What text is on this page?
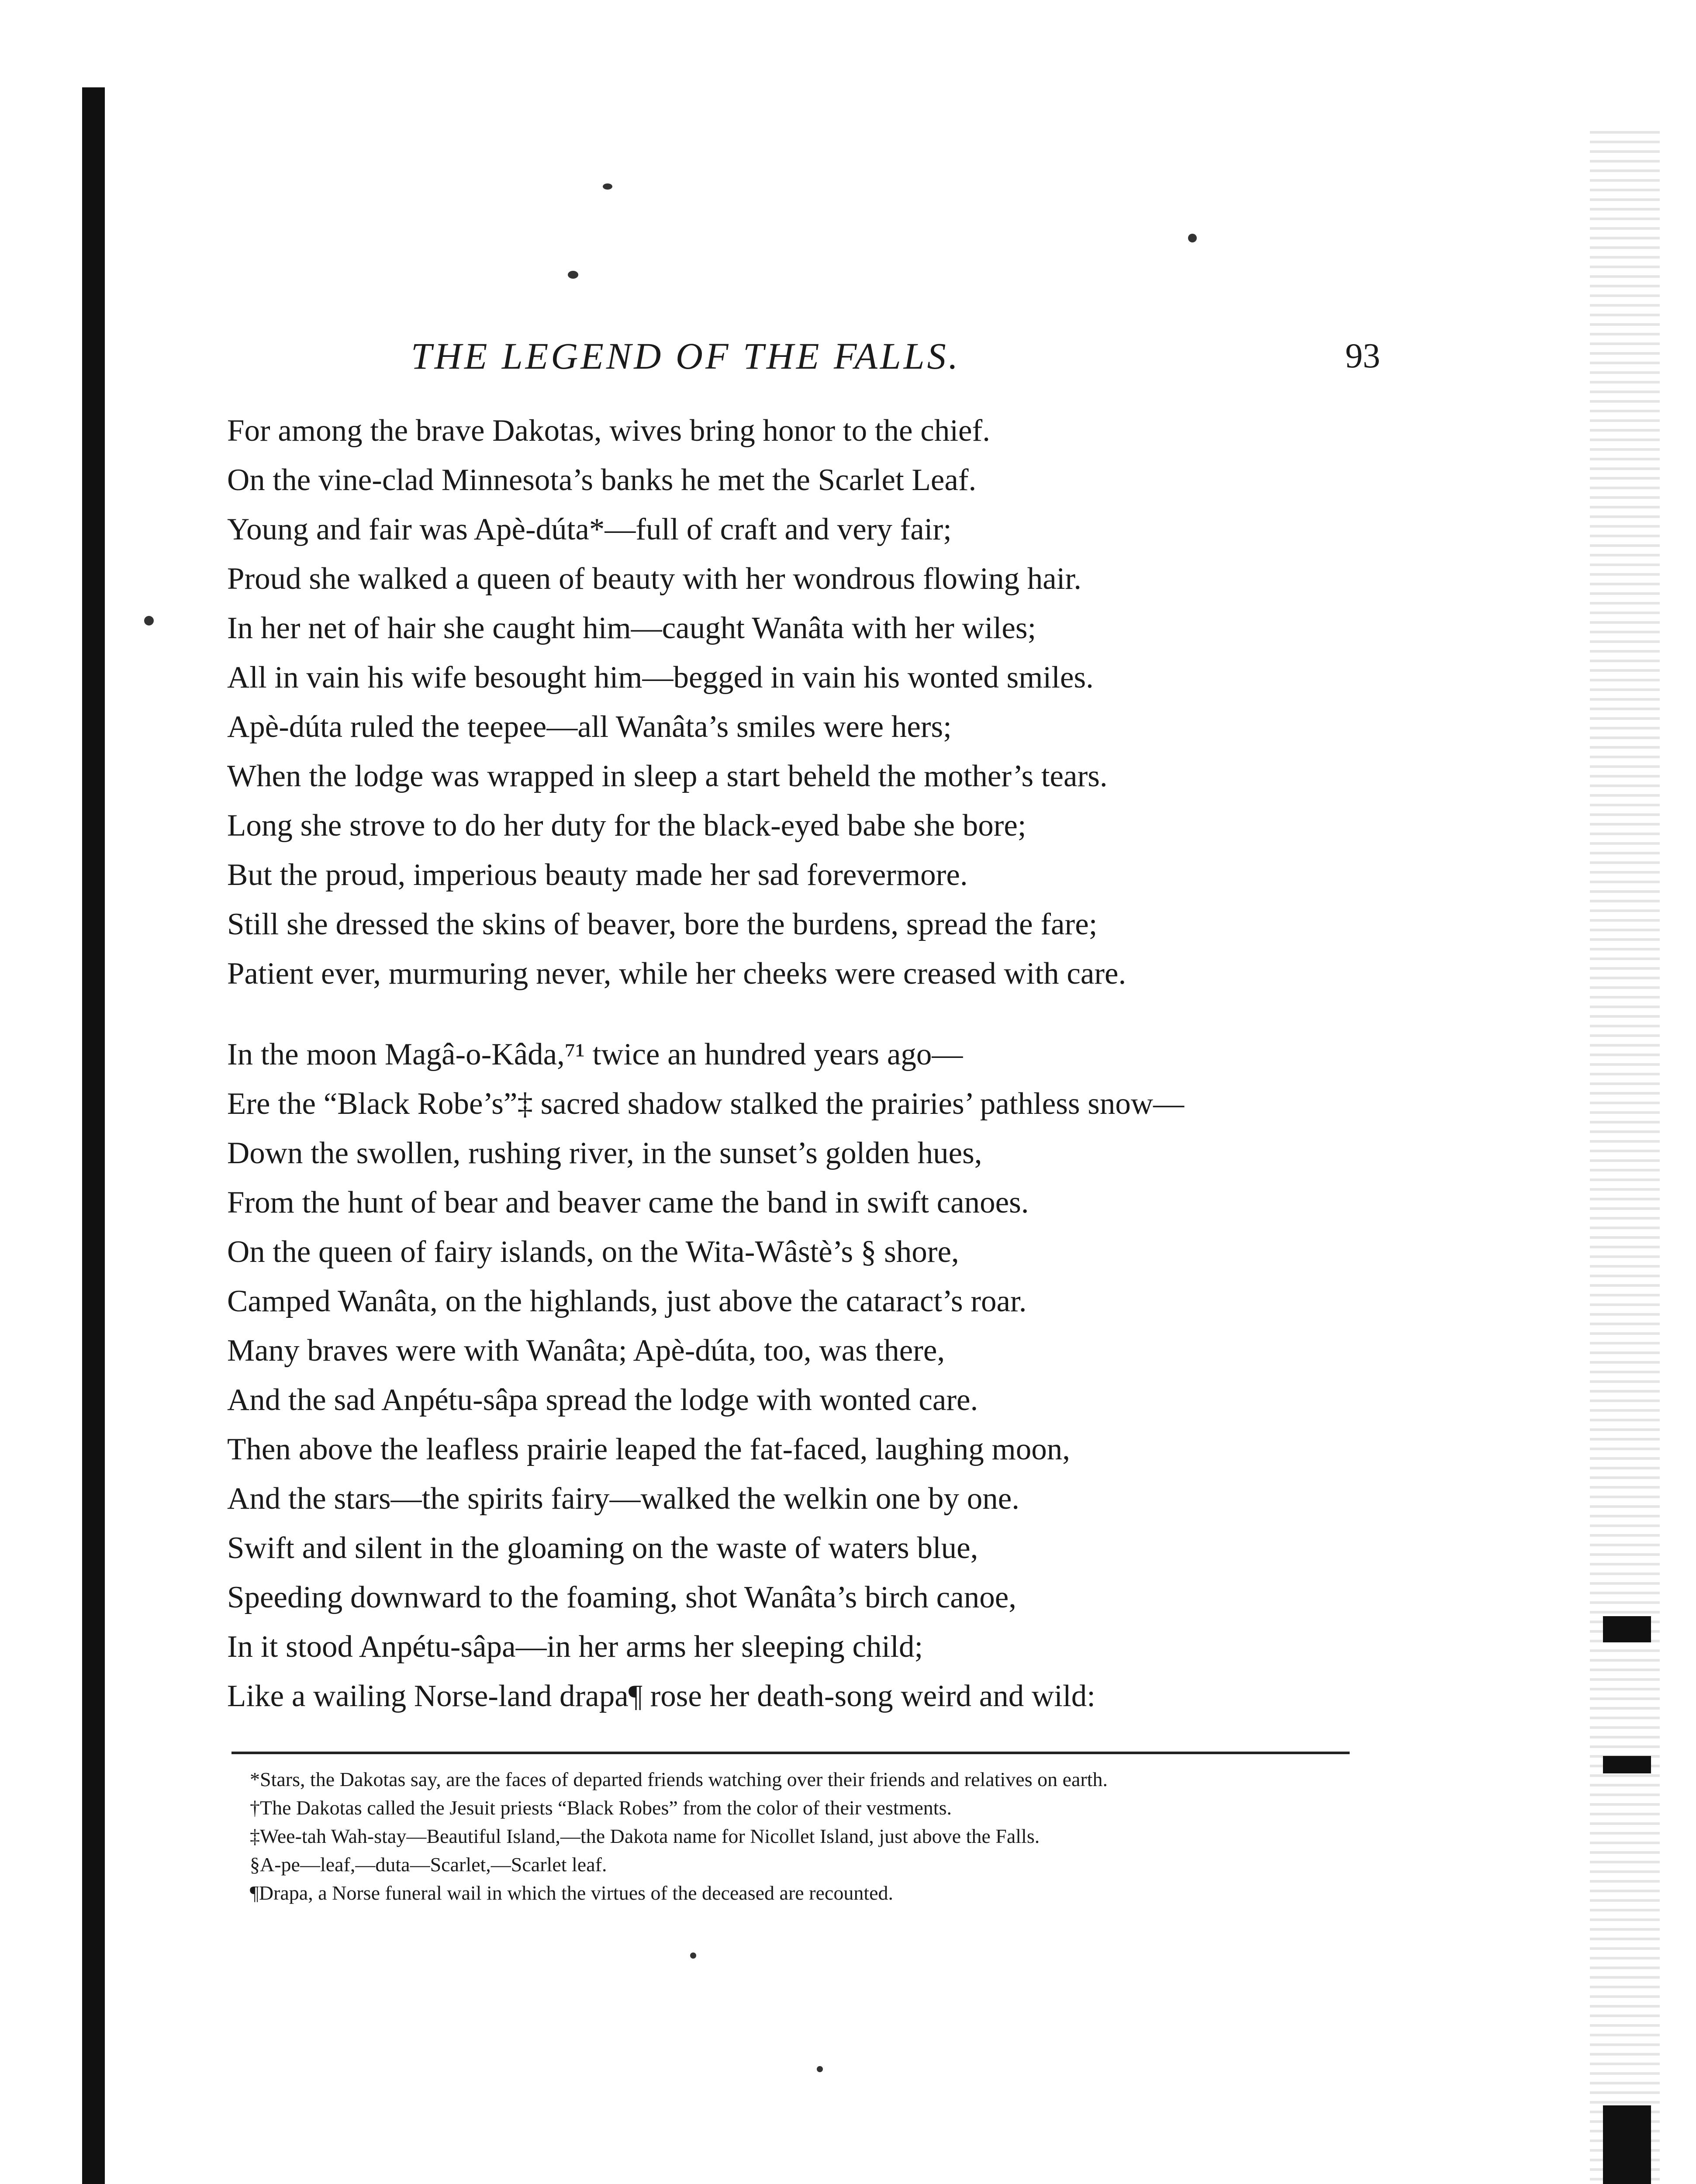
THE LEGEND OF THE FALLS.	93
For among the brave Dakotas, wives bring honor to the chief.
On the vine-clad Minnesota’s banks he met the Scarlet Leaf.
Young and fair was Apè-dúta*—full of craft and very fair;
Proud she walked a queen of beauty with her wondrous flowing hair.
In her net of hair she caught him—caught Wanâta with her wiles;
All in vain his wife besought him—begged in vain his wonted smiles.
Apè-dúta ruled the teepee—all Wanâta’s smiles were hers;
When the lodge was wrapped in sleep a start beheld the mother’s tears.
Long she strove to do her duty for the black-eyed babe she bore;
But the proud, imperious beauty made her sad forevermore.
Still she dressed the skins of beaver, bore the burdens, spread the fare;
Patient ever, murmuring never, while her cheeks were creased with care.
In the moon Magâ-o-Kâda,⁷¹ twice an hundred years ago—
Ere the “Black Robe’s”‡ sacred shadow stalked the prairies’ pathless snow—
Down the swollen, rushing river, in the sunset’s golden hues,
From the hunt of bear and beaver came the band in swift canoes.
On the queen of fairy islands, on the Wita-Wâstè’s § shore,
Camped Wanâta, on the highlands, just above the cataract’s roar.
Many braves were with Wanâta; Apè-dúta, too, was there,
And the sad Anpétu-sâpa spread the lodge with wonted care.
Then above the leafless prairie leaped the fat-faced, laughing moon,
And the stars—the spirits fairy—walked the welkin one by one.
Swift and silent in the gloaming on the waste of waters blue,
Speeding downward to the foaming, shot Wanâta’s birch canoe,
In it stood Anpétu-sâpa—in her arms her sleeping child;
Like a wailing Norse-land drapa¶ rose her death-song weird and wild:

*Stars, the Dakotas say, are the faces of departed friends watching over their friends and relatives on earth.

†The Dakotas called the Jesuit priests “Black Robes” from the color of their vestments.

‡Wee-tah Wah-stay—Beautiful Island,—the Dakota name for Nicollet Island, just above the Falls.

§A-pe—leaf,—duta—Scarlet,—Scarlet leaf.

¶Drapa, a Norse funeral wail in which the virtues of the deceased are recounted.
